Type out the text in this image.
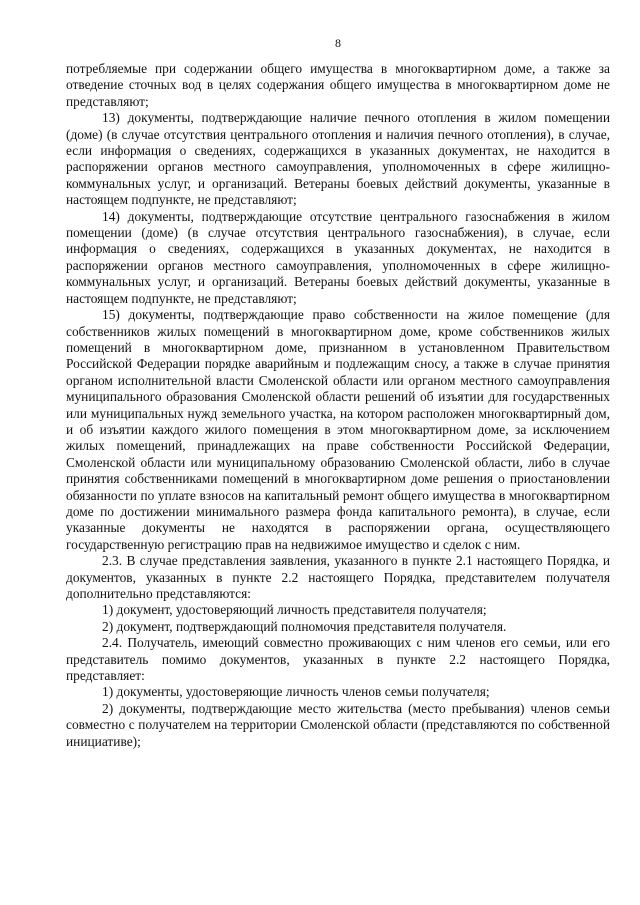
8

потребляемые при содержании общего имущества в многоквартирном доме, а также за отведение сточных вод в целях содержания общего имущества в многоквартирном доме не представляют;

13) документы, подтверждающие наличие печного отопления в жилом помещении (доме) (в случае отсутствия центрального отопления и наличия печного отопления), в случае, если информация о сведениях, содержащихся в указанных документах, не находится в распоряжении органов местного самоуправления, уполномоченных в сфере жилищно-коммунальных услуг, и организаций. Ветераны боевых действий документы, указанные в настоящем подпункте, не представляют;

14) документы, подтверждающие отсутствие центрального газоснабжения в жилом помещении (доме) (в случае отсутствия центрального газоснабжения), в случае, если информация о сведениях, содержащихся в указанных документах, не находится в распоряжении органов местного самоуправления, уполномоченных в сфере жилищно-коммунальных услуг, и организаций. Ветераны боевых действий документы, указанные в настоящем подпункте, не представляют;

15) документы, подтверждающие право собственности на жилое помещение (для собственников жилых помещений в многоквартирном доме, кроме собственников жилых помещений в многоквартирном доме, признанном в установленном Правительством Российской Федерации порядке аварийным и подлежащим сносу, а также в случае принятия органом исполнительной власти Смоленской области или органом местного самоуправления муниципального образования Смоленской области решений об изъятии для государственных или муниципальных нужд земельного участка, на котором расположен многоквартирный дом, и об изъятии каждого жилого помещения в этом многоквартирном доме, за исключением жилых помещений, принадлежащих на праве собственности Российской Федерации, Смоленской области или муниципальному образованию Смоленской области, либо в случае принятия собственниками помещений в многоквартирном доме решения о приостановлении обязанности по уплате взносов на капитальный ремонт общего имущества в многоквартирном доме по достижении минимального размера фонда капитального ремонта), в случае, если указанные документы не находятся в распоряжении органа, осуществляющего государственную регистрацию прав на недвижимое имущество и сделок с ним.

2.3. В случае представления заявления, указанного в пункте 2.1 настоящего Порядка, и документов, указанных в пункте 2.2 настоящего Порядка, представителем получателя дополнительно представляются:

1) документ, удостоверяющий личность представителя получателя;

2) документ, подтверждающий полномочия представителя получателя.

2.4. Получатель, имеющий совместно проживающих с ним членов его семьи, или его представитель помимо документов, указанных в пункте 2.2 настоящего Порядка, представляет:

1) документы, удостоверяющие личность членов семьи получателя;

2) документы, подтверждающие место жительства (место пребывания) членов семьи совместно с получателем на территории Смоленской области (представляются по собственной инициативе);
